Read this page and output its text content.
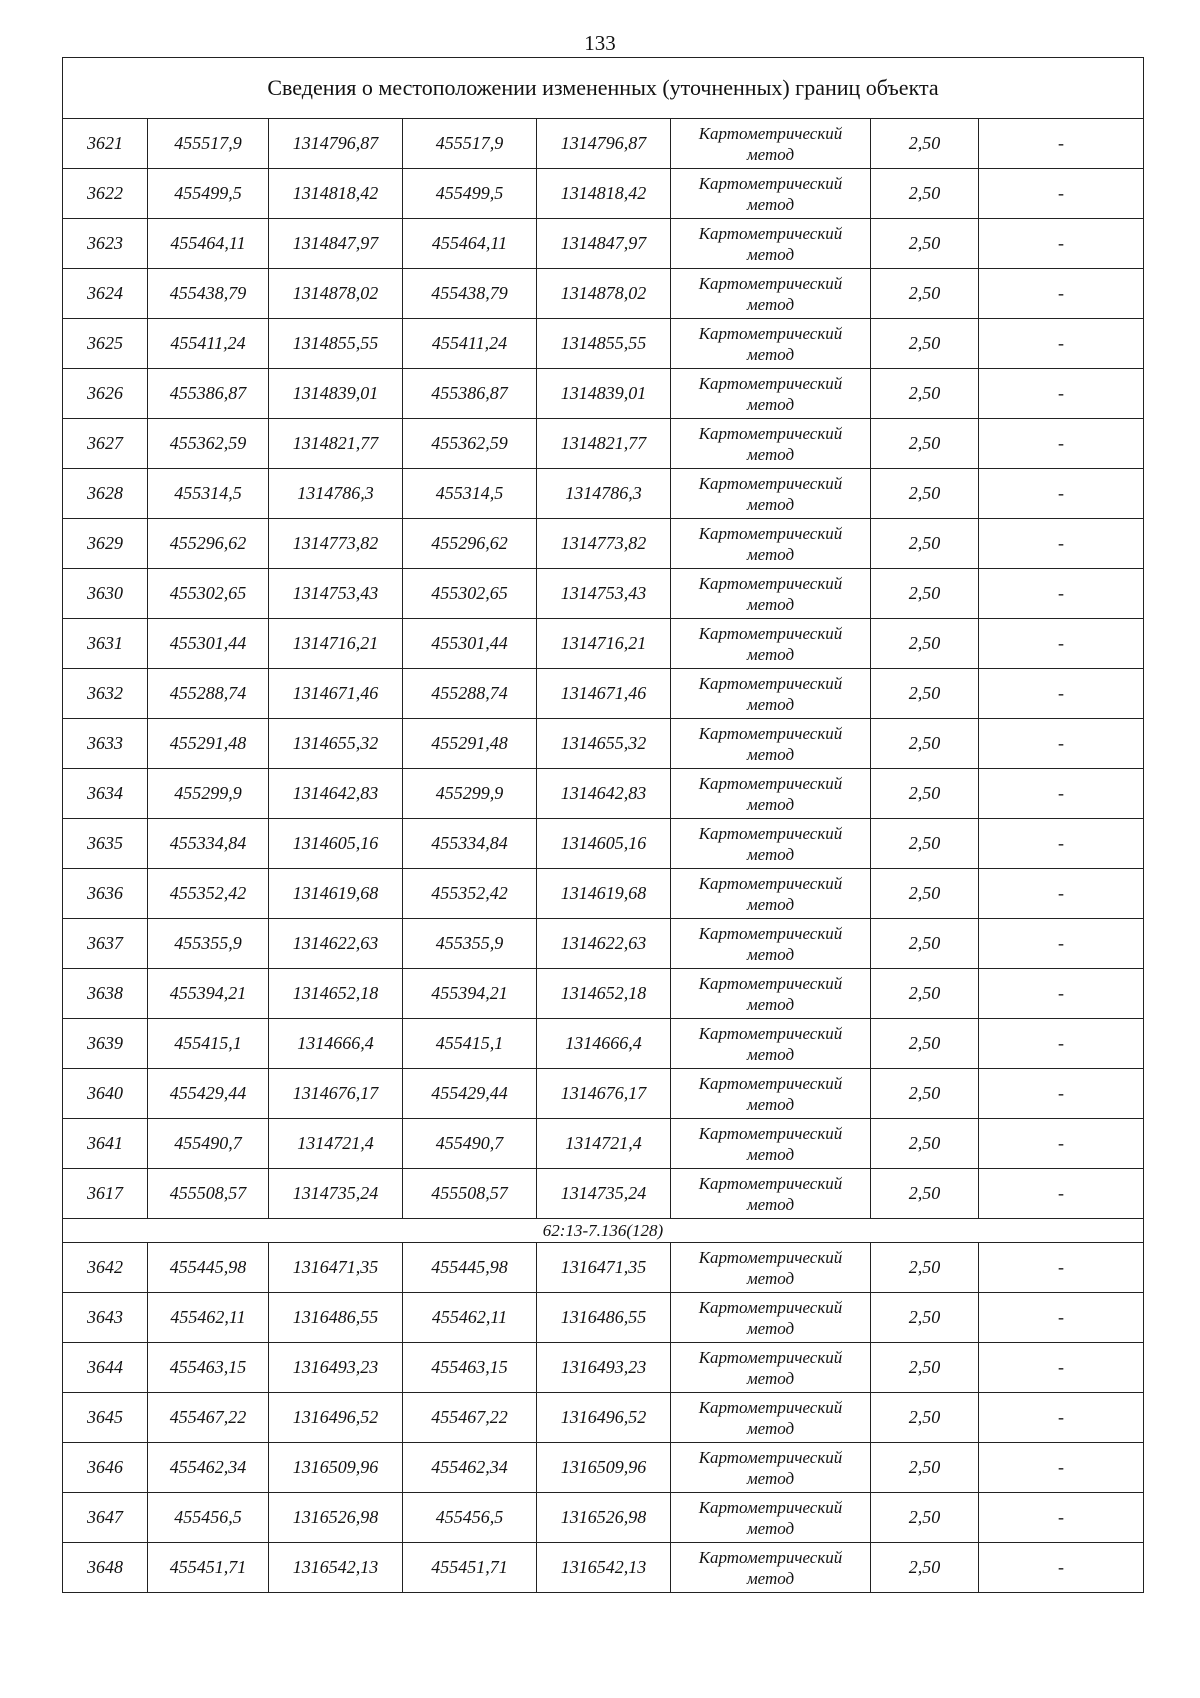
133
Сведения о местоположении измененных (уточненных) границ объекта							
3621	455517,9	1314796,87	455517,9	1314796,87	Картометрический
метод	2,50	-
3622	455499,5	1314818,42	455499,5	1314818,42	Картометрический
метод	2,50	-
3623	455464,11	1314847,97	455464,11	1314847,97	Картометрический
метод	2,50	-
3624	455438,79	1314878,02	455438,79	1314878,02	Картометрический
метод	2,50	-
3625	455411,24	1314855,55	455411,24	1314855,55	Картометрический
метод	2,50	-
3626	455386,87	1314839,01	455386,87	1314839,01	Картометрический
метод	2,50	-
3627	455362,59	1314821,77	455362,59	1314821,77	Картометрический
метод	2,50	-
3628	455314,5	1314786,3	455314,5	1314786,3	Картометрический
метод	2,50	-
3629	455296,62	1314773,82	455296,62	1314773,82	Картометрический
метод	2,50	-
3630	455302,65	1314753,43	455302,65	1314753,43	Картометрический
метод	2,50	-
3631	455301,44	1314716,21	455301,44	1314716,21	Картометрический
метод	2,50	-
3632	455288,74	1314671,46	455288,74	1314671,46	Картометрический
метод	2,50	-
3633	455291,48	1314655,32	455291,48	1314655,32	Картометрический
метод	2,50	-
3634	455299,9	1314642,83	455299,9	1314642,83	Картометрический
метод	2,50	-
3635	455334,84	1314605,16	455334,84	1314605,16	Картометрический
метод	2,50	-
3636	455352,42	1314619,68	455352,42	1314619,68	Картометрический
метод	2,50	-
3637	455355,9	1314622,63	455355,9	1314622,63	Картометрический
метод	2,50	-
3638	455394,21	1314652,18	455394,21	1314652,18	Картометрический
метод	2,50	-
3639	455415,1	1314666,4	455415,1	1314666,4	Картометрический
метод	2,50	-
3640	455429,44	1314676,17	455429,44	1314676,17	Картометрический
метод	2,50	-
3641	455490,7	1314721,4	455490,7	1314721,4	Картометрический
метод	2,50	-
3617	455508,57	1314735,24	455508,57	1314735,24	Картометрический
метод	2,50	-
62:13-7.136(128)							
3642	455445,98	1316471,35	455445,98	1316471,35	Картометрический
метод	2,50	-
3643	455462,11	1316486,55	455462,11	1316486,55	Картометрический
метод	2,50	-
3644	455463,15	1316493,23	455463,15	1316493,23	Картометрический
метод	2,50	-
3645	455467,22	1316496,52	455467,22	1316496,52	Картометрический
метод	2,50	-
3646	455462,34	1316509,96	455462,34	1316509,96	Картометрический
метод	2,50	-
3647	455456,5	1316526,98	455456,5	1316526,98	Картометрический
метод	2,50	-
3648	455451,71	1316542,13	455451,71	1316542,13	Картометрический
метод	2,50	-
